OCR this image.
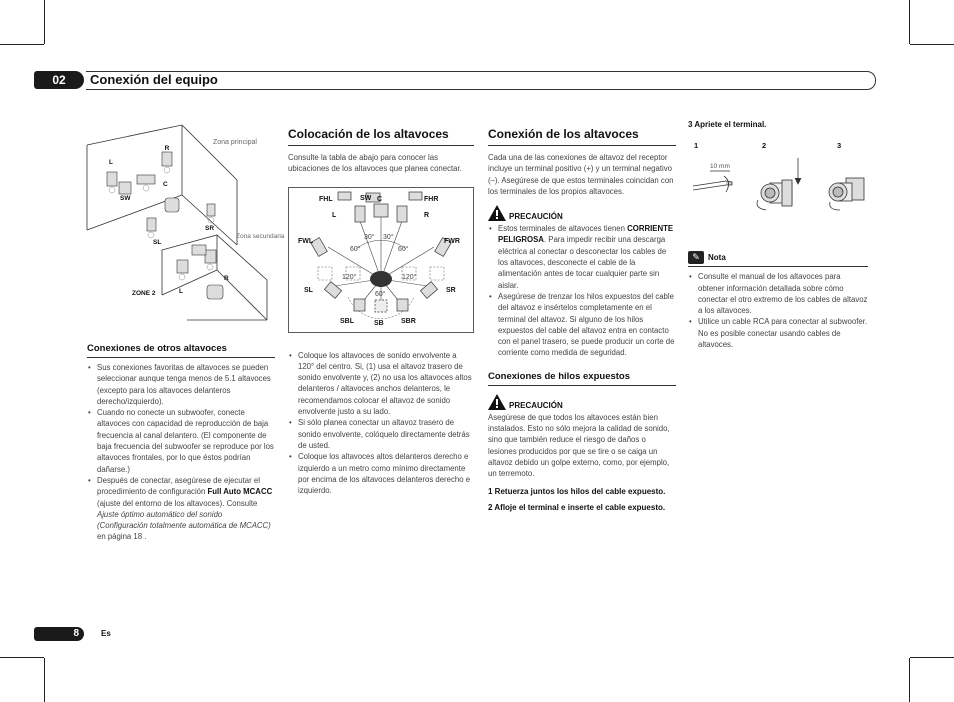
02	Conexión del equipo
L
R
C
SW
SL
SR
R
L
Zona principal
Zona secundaria
ZONE 2
Conexiones de otros altavoces
• Sus conexiones favoritas de altavoces se pueden seleccionar aunque tenga menos de 5.1 altavoces (excepto para los altavoces delanteros derecho/izquierdo).
• Cuando no conecte un subwoofer, conecte altavoces con capacidad de reproducción de baja frecuencia al canal delantero. (El componente de baja frecuencia del subwoofer se reproduce por los altavoces frontales, por lo que éstos podrían dañarse.)
• Después de conectar, asegúrese de ejecutar el procedimiento de configuración Full Auto MCACC (ajuste del entorno de los altavoces). Consulte Ajuste óptimo automático del sonido (Configuración totalmente automática de MCACC) en página 18 .
Colocación de los altavoces

Consulte la tabla de abajo para conocer las ubicaciones de los altavoces que planea conectar.

FHL	SW	FHR
L
C
R
FWL	FWR
SL	SR
SBL	SB SBR
30° 30°
60°	60°
120°	120°
60°
• Coloque los altavoces de sonido envolvente a 120° del centro. Si, (1) usa el altavoz trasero de sonido envolvente y, (2) no usa los altavoces altos delanteros / altavoces anchos delanteros, le recomendamos colocar el altavoz de sonido envolvente justo a su lado.
• Si sólo planea conectar un altavoz trasero de sonido envolvente, colóquelo directamente detrás de usted.
• Coloque los altavoces altos delanteros derecho e izquierdo a un metro como mínimo directamente por encima de los altavoces delanteros derecho e izquierdo.
Conexión de los altavoces

Cada una de las conexiones de altavoz del receptor incluye un terminal positivo (+) y un terminal negativo (–). Asegúrese de que estos terminales coincidan con los terminales de los propios altavoces.

PRECAUCIÓN
• Estos terminales de altavoces tienen CORRIENTE PELIGROSA. Para impedir recibir una descarga eléctrica al conectar o desconectar los cables de los altavoces, desconecte el cable de la alimentación antes de tocar cualquier parte sin aislar.
• Asegúrese de trenzar los hilos expuestos del cable del altavoz e insértelos completamente en el terminal del altavoz. Si alguno de los hilos expuestos del cable del altavoz entra en contacto con el panel trasero, se puede producir un corte de corriente como medida de seguridad.
Conexiones de hilos expuestos
PRECAUCIÓN

Asegúrese de que todos los altavoces están bien instalados. Esto no sólo mejora la calidad de sonido, sino que también reduce el riesgo de daños o lesiones producidos por que se tire o se caiga un altavoz debido un golpe externo, como, por ejemplo, un terremoto.

1 Retuerza juntos los hilos del cable expuesto.

2 Afloje el terminal e inserte el cable expuesto.

3 Apriete el terminal.

1	2	3
10 mm
✎	Nota
• Consulte el manual de los altavoces para obtener información detallada sobre cómo conectar el otro extremo de los cables de altavoz a los altavoces.
• Utilice un cable RCA para conectar al subwoofer. No es posible conectar usando cables de altavoces.
8	Es
